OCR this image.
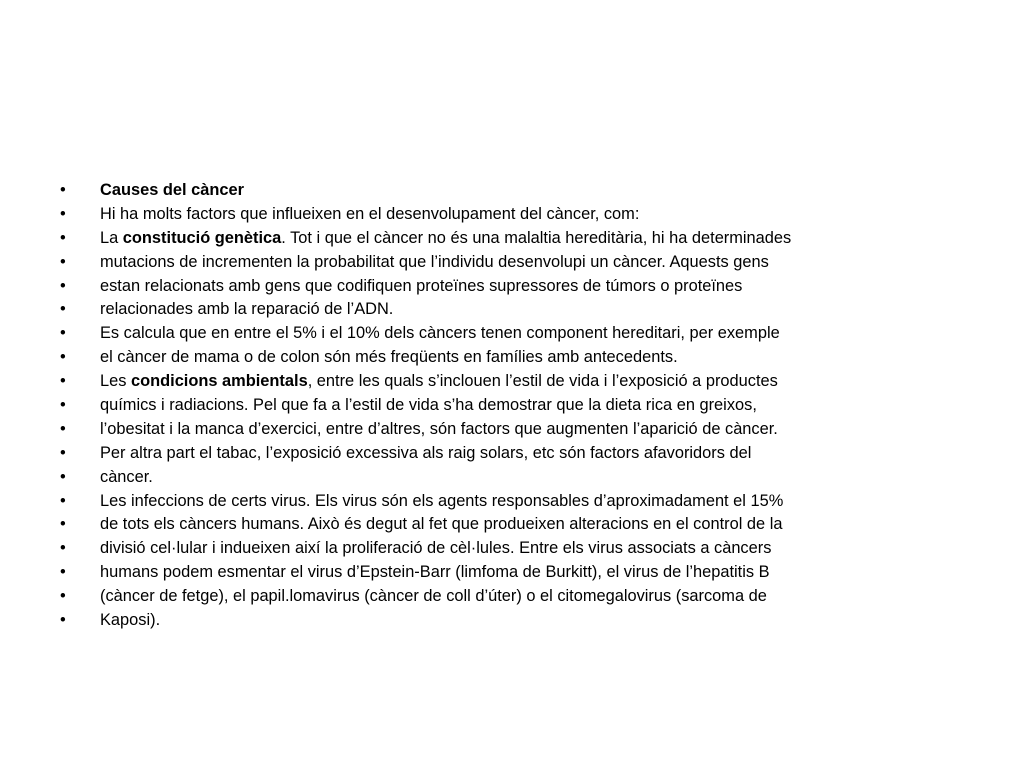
•	Causes del càncer
•	Hi ha molts factors que influeixen en el desenvolupament del càncer, com:
•	La constitució genètica. Tot i que el càncer no és una malaltia hereditària, hi ha determinades
•	mutacions de incrementen la probabilitat que l’individu desenvolupi un càncer. Aquests gens
•	estan relacionats amb gens que codifiquen proteïnes supressores de túmors o proteïnes
•	relacionades amb la reparació de l’ADN.
•	Es calcula que en entre el 5% i el 10% dels càncers tenen component hereditari, per exemple
•	el càncer de mama o de colon són més freqüents en famílies amb antecedents.
•	Les condicions ambientals, entre les quals s’inclouen l’estil de vida i l’exposició a productes
•	químics i radiacions. Pel que fa a l’estil de vida s’ha demostrar que la dieta rica en greixos,
•	l’obesitat i la manca d’exercici, entre d’altres, són factors que augmenten l’aparició de càncer.
•	Per altra part el tabac, l’exposició excessiva als raig solars, etc són factors afavoridors del
•	càncer.
•	Les infeccions de certs virus. Els virus són els agents responsables d’aproximadament el 15%
•	de tots els càncers humans. Això és degut al fet que produeixen alteracions en el control de la
•	divisió cel·lular i indueixen així la proliferació de cèl·lules. Entre els virus associats a càncers
•	humans podem esmentar el virus d’Epstein-Barr (limfoma de Burkitt), el virus de l’hepatitis B
•	(càncer de fetge), el papil.lomavirus (càncer de coll d’úter) o el citomegalovirus (sarcoma de
•	Kaposi).
